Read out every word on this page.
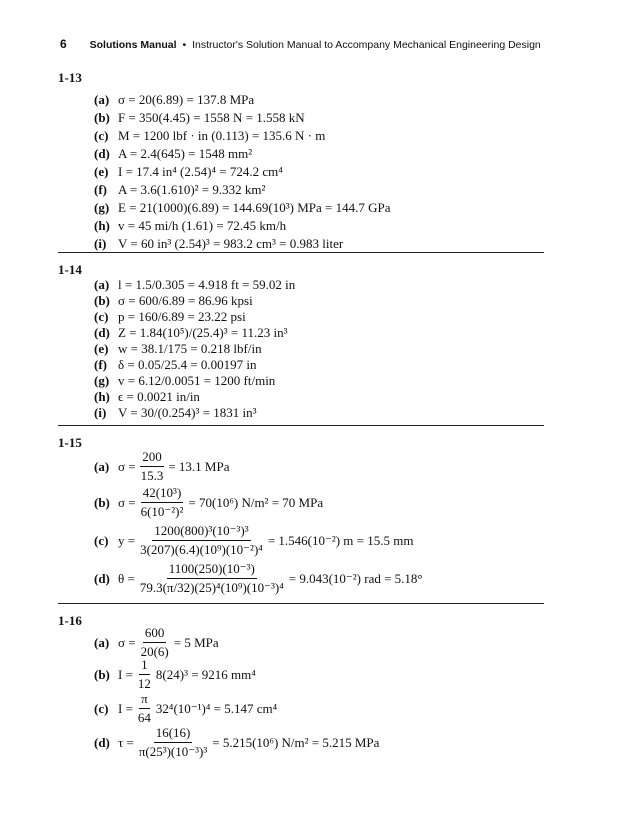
6 Solutions Manual • Instructor's Solution Manual to Accompany Mechanical Engineering Design
1-13
(a) σ = 20(6.89) = 137.8 MPa
(b) F = 350(4.45) = 1558 N = 1.558 kN
(c) M = 1200 lbf · in (0.113) = 135.6 N · m
(d) A = 2.4(645) = 1548 mm²
(e) I = 17.4 in⁴ (2.54)⁴ = 724.2 cm⁴
(f) A = 3.6(1.610)² = 9.332 km²
(g) E = 21(1000)(6.89) = 144.69(10³) MPa = 144.7 GPa
(h) v = 45 mi/h (1.61) = 72.45 km/h
(i) V = 60 in³ (2.54)³ = 983.2 cm³ = 0.983 liter
1-14
(a) l = 1.5/0.305 = 4.918 ft = 59.02 in
(b) σ = 600/6.89 = 86.96 kpsi
(c) p = 160/6.89 = 23.22 psi
(d) Z = 1.84(10⁵)/(25.4)³ = 11.23 in³
(e) w = 38.1/175 = 0.218 lbf/in
(f) δ = 0.05/25.4 = 0.00197 in
(g) v = 6.12/0.0051 = 1200 ft/min
(h) ϵ = 0.0021 in/in
(i) V = 30/(0.254)³ = 1831 in³
1-15
(a) $\sigma = \frac{200}{15.3} = 13.1$ MPa
(b) $\sigma = \frac{\text{42(10³)}}{\text{6(10⁻²)²}} = 70(10^6) N/m^2 = 70$ MPa
(c) $y = \frac{\text{1200(800)³(10⁻³)³}}{\text{3(207)(6.4)(10⁹)(10⁻²)⁴}} = 1.546(10^{-2}) m = 15.5$ mm
(d) $\theta = \frac{\text{1100(250)(10⁻³)}}{\text{79.3(π/32)(25)⁴(10⁹)(10⁻³)⁴}} = 9.043(10^{-2})$ rad = 5.18°
1-16
(a) $\sigma = \frac{600}{20(6)} = 5$ MPa
(b) $I = \frac{1}{12} 8(24)^3 = 9216$ mm⁴
(c) $I = \frac{\pi}{64} 32^4(10^{-1})^4 = 5.147$ cm⁴
(d) $\tau = \frac{16(16)}{\text{π(25³)(10⁻³)³}} = 5.215(10^6) N/m^2 = 5.215$ MPa
